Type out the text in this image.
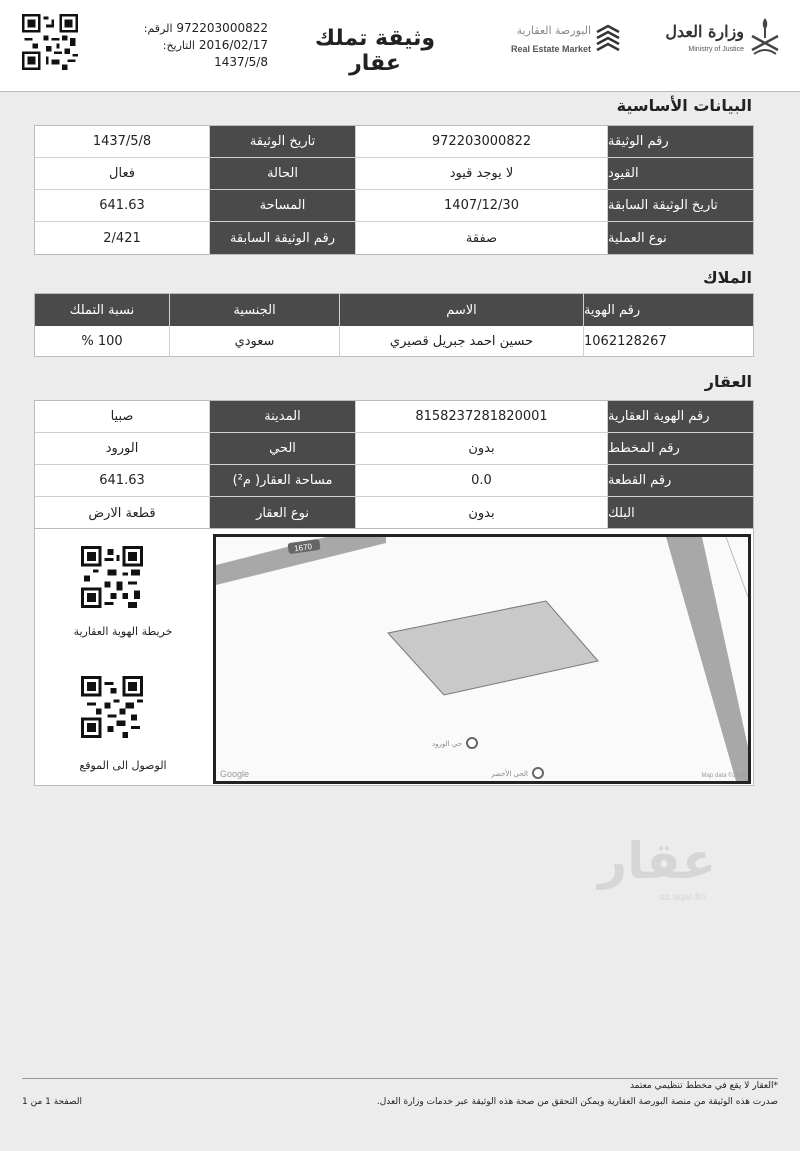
972203000822 الرقم:
2016/02/17 التاريخ:
1437/5/8
وثيقة تملك عقار
البورصة العقارية
Real Estate Market
وزارة العدل
Ministry of Justice
البيانات الأساسية
رقم الوثيقة
972203000822
تاريخ الوثيقة
1437/5/8
القيود
لا يوجد قيود
الحالة
فعال
تاريخ الوثيقة السابقة
1407/12/30
المساحة
641.63
نوع العملية
صفقة
رقم الوثيقة السابقة
2/421
الملاك
رقم الهوية
الاسم
الجنسية
نسبة التملك
1062128267
حسين احمد جبريل قصيري
سعودي
100 %
العقار
رقم الهوية العقارية
8158237281820001
المدينة
صبيا
رقم المخطط
بدون
الحي
الورود
رقم القطعة
0.0
مساحة العقار( م²)
641.63
البلك
بدون
نوع العقار
قطعة الارض
خريطة الهوية العقارية
الوصول الى الموقع
1670
حي الورود
الحي الأخضر
Google	Map data ©2016
عقار
sa.aqar.fm
*العقار لا يقع في مخطط تنظيمي معتمد
صدرت هذه الوثيقة من منصة البورصة العقارية ويمكن التحقق من صحة هذه الوثيقة عبر خدمات وزارة العدل.
الصفحة 1 من 1
